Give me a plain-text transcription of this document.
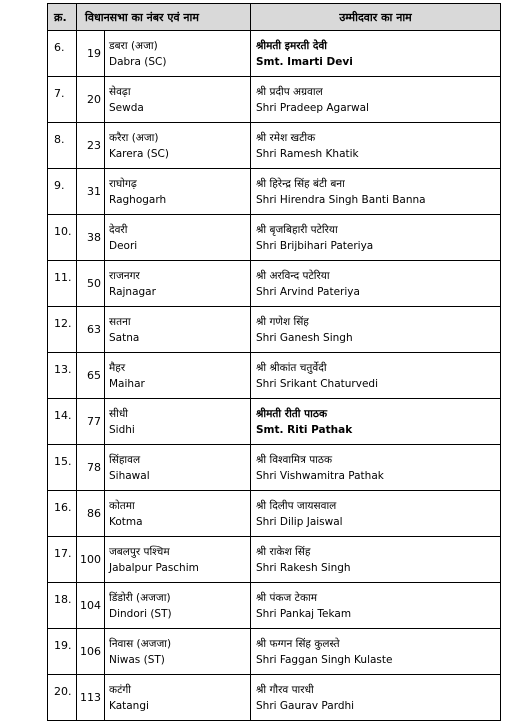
क्र.	विधानसभा का नंबर एवं नाम		उम्मीदवार का नाम
6.	19	डबरा (अजा)
Dabra (SC)	श्रीमती इमरती देवी
Smt. Imarti Devi

7.	20	सेवढ़ा
Sewda	श्री प्रदीप अग्रवाल
Shri Pradeep Agarwal

8.	23	करैरा (अजा)
Karera (SC)	श्री रमेश खटीक
Shri Ramesh Khatik

9.	31	राघोगढ़
Raghogarh	श्री हिरेन्द्र सिंह बंटी बना
Shri Hirendra Singh Banti Banna

10.	38	देवरी
Deori	श्री बृजबिहारी पटेरिया
Shri Brijbihari Pateriya

11.	50	राजनगर
Rajnagar	श्री अरविन्द पटेरिया
Shri Arvind Pateriya

12.	63	सतना
Satna	श्री गणेश सिंह
Shri Ganesh Singh

13.	65	मैहर
Maihar	श्री श्रीकांत चतुर्वेदी
Shri Srikant Chaturvedi

14.	77	सीधी
Sidhi	श्रीमती रीती पाठक
Smt. Riti Pathak

15.	78	सिंहावल
Sihawal	श्री विश्वामित्र पाठक
Shri Vishwamitra Pathak

16.	86	कोतमा
Kotma	श्री दिलीप जायसवाल
Shri Dilip Jaiswal

17.	100	जबलपुर पश्चिम
Jabalpur Paschim	श्री राकेश सिंह
Shri Rakesh Singh

18.	104	डिंडोरी (अजजा)
Dindori (ST)	श्री पंकज टेकाम
Shri Pankaj Tekam

19.	106	निवास (अजजा)
Niwas (ST)	श्री फग्गन सिंह कुलस्ते
Shri Faggan Singh Kulaste

20.	113	कटंगी
Katangi	श्री गौरव पारधी
Shri Gaurav Pardhi
